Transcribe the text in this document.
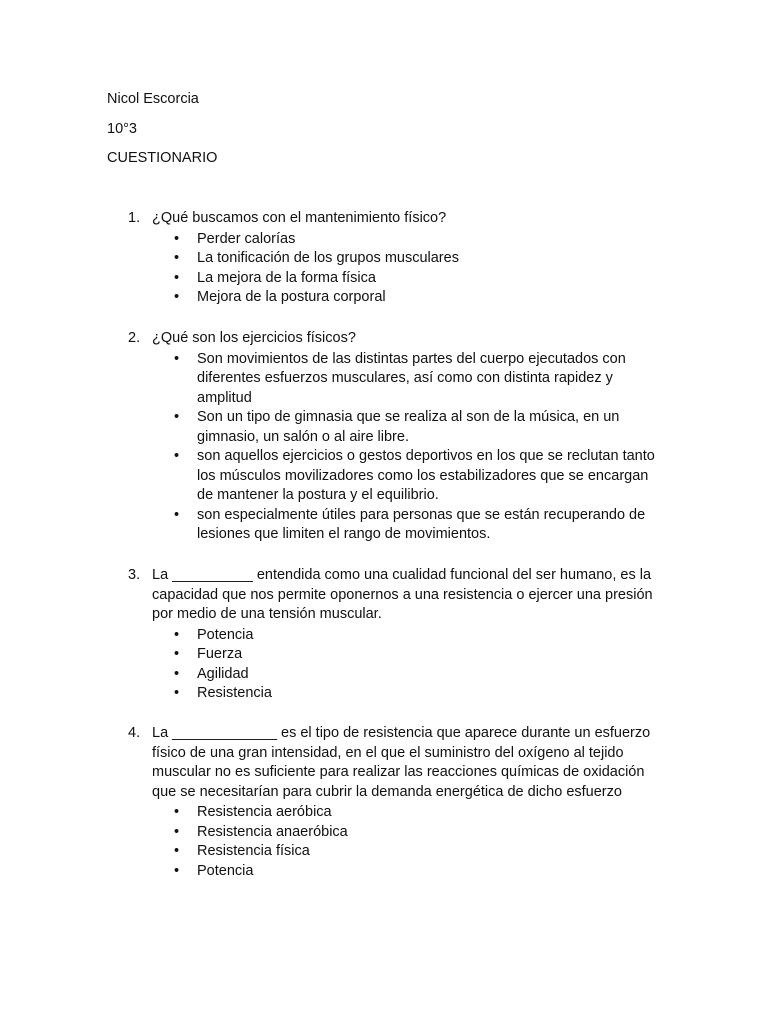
Nicol Escorcia
10°3
CUESTIONARIO
1. ¿Qué buscamos con el mantenimiento físico?
• Perder calorías
• La tonificación de los grupos musculares
• La mejora de la forma física
• Mejora de la postura corporal
2. ¿Qué son los ejercicios físicos?
• Son movimientos de las distintas partes del cuerpo ejecutados con diferentes esfuerzos musculares, así como con distinta rapidez y amplitud
• Son un tipo de gimnasia que se realiza al son de la música, en un gimnasio, un salón o al aire libre.
• son aquellos ejercicios o gestos deportivos en los que se reclutan tanto los músculos movilizadores como los estabilizadores que se encargan de mantener la postura y el equilibrio.
• son especialmente útiles para personas que se están recuperando de lesiones que limiten el rango de movimientos.
3. La __________ entendida como una cualidad funcional del ser humano, es la capacidad que nos permite oponernos a una resistencia o ejercer una presión por medio de una tensión muscular.
• Potencia
• Fuerza
• Agilidad
• Resistencia
4. La _____________ es el tipo de resistencia que aparece durante un esfuerzo físico de una gran intensidad, en el que el suministro del oxígeno al tejido muscular no es suficiente para realizar las reacciones químicas de oxidación que se necesitarían para cubrir la demanda energética de dicho esfuerzo
• Resistencia aeróbica
• Resistencia anaeróbica
• Resistencia física
• Potencia
